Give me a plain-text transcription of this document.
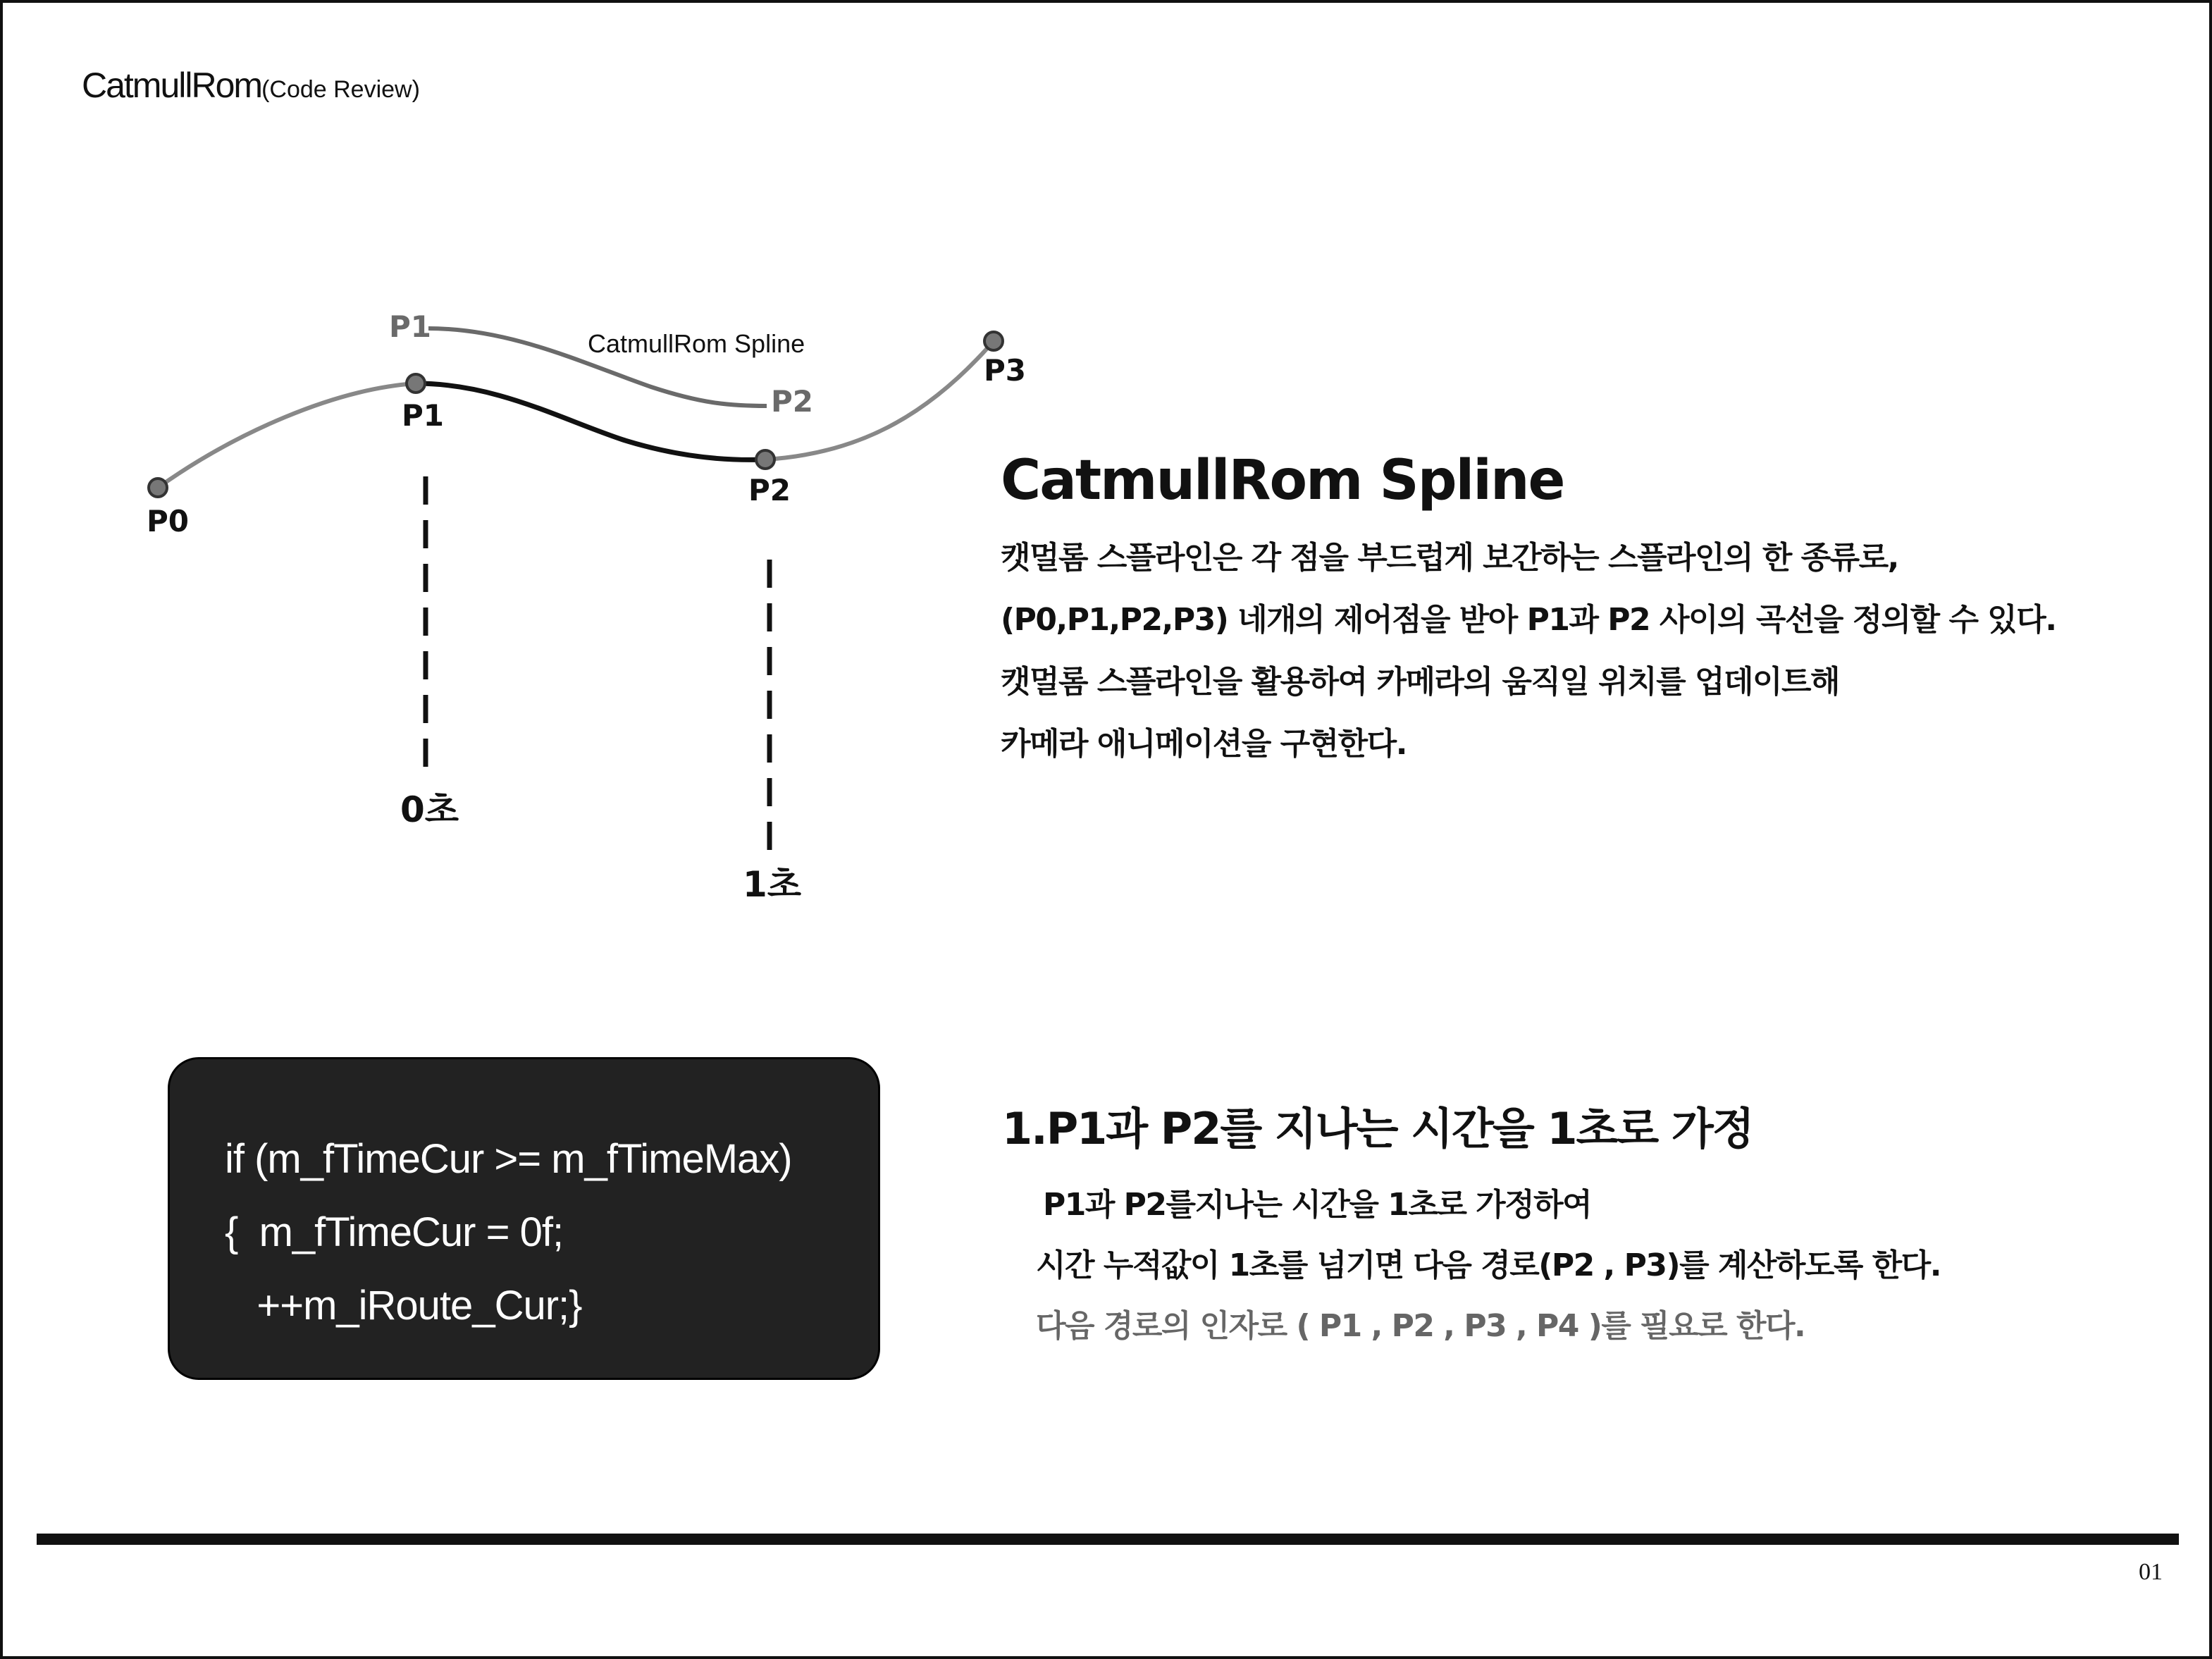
CatmullRom(Code Review)
P0
P1
P2
P3
P1
P2
CatmullRom Spline
0초
1초
CatmullRom Spline

캣멀롬 스플라인은 각 점을 부드럽게 보간하는 스플라인의 한 종류로,

(P0,P1,P2,P3) 네개의 제어점을 받아 P1과 P2 사이의 곡선을 정의할 수 있다.

캣멀롬 스플라인을 활용하여 카메라의 움직일 위치를 업데이트해

카메라 애니메이션을 구현한다.

if (m_fTimeCur >= m_fTimeMax)
{  m_fTimeCur = 0f;
++m_iRoute_Cur;}
1.P1과 P2를 지나는 시간을 1초로 가정

P1과 P2를지나는 시간을 1초로 가정하여

시간 누적값이 1초를 넘기면 다음 경로(P2 , P3)를 계산하도록 한다.

다음 경로의 인자로 ( P1 , P2 , P3 , P4 )를 필요로 한다.

01
